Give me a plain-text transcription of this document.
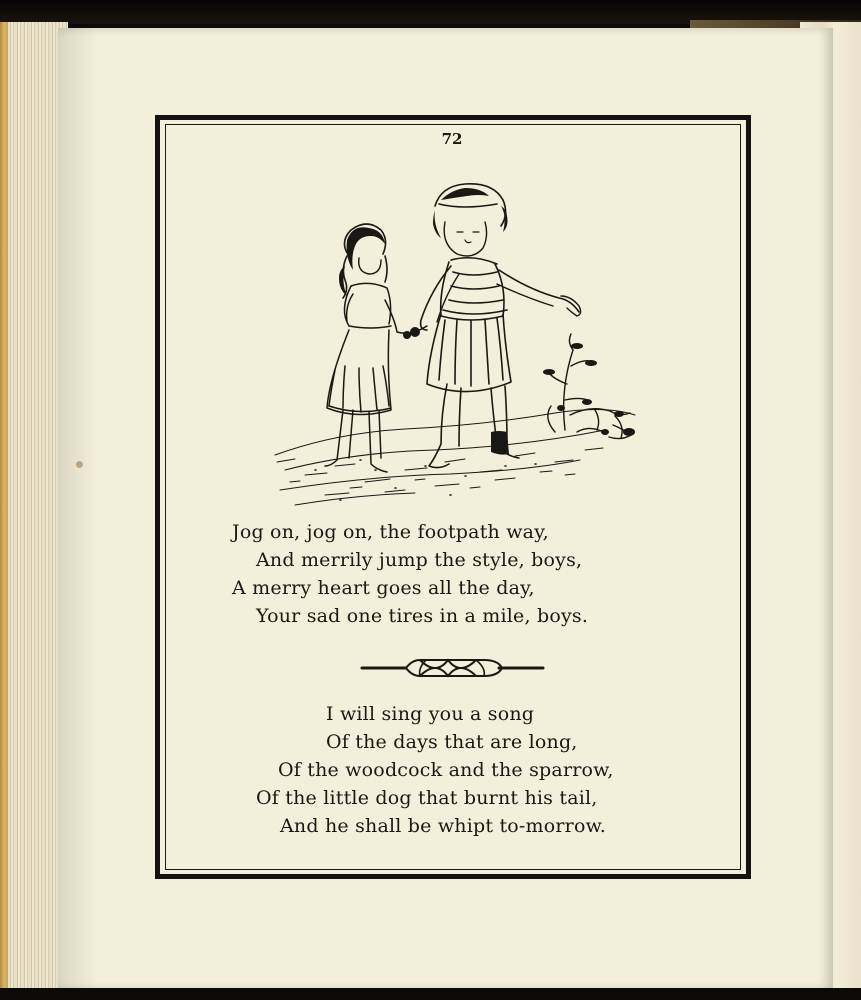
72
Jog on, jog on, the footpath way,
And merrily jump the style, boys,
A merry heart goes all the day,
Your sad one tires in a mile, boys.
I will sing you a song
Of the days that are long,
Of the woodcock and the sparrow,
Of the little dog that burnt his tail,
And he shall be whipt to-morrow.
